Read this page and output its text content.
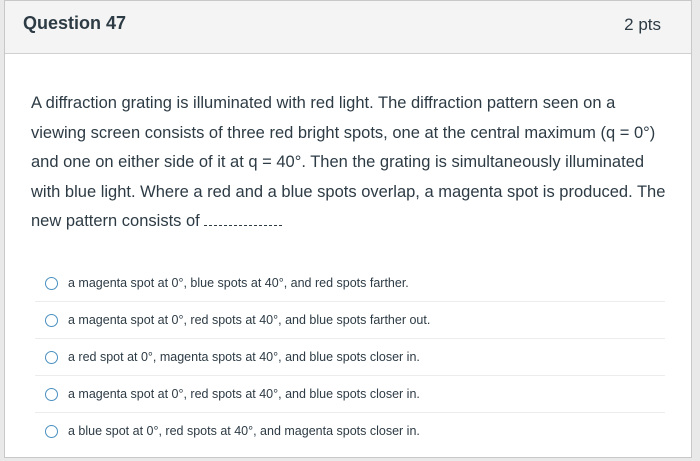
Question 47	2 pts
A diffraction grating is illuminated with red light. The diffraction pattern seen on a viewing screen consists of three red bright spots, one at the central maximum (q = 0°) and one on either side of it at q = 40°. Then the grating is simultaneously illuminated with blue light. Where a red and a blue spots overlap, a magenta spot is produced. The new pattern consists of
a magenta spot at 0°, blue spots at 40°, and red spots farther.
a magenta spot at 0°, red spots at 40°, and blue spots farther out.
a red spot at 0°, magenta spots at 40°, and blue spots closer in.
a magenta spot at 0°, red spots at 40°, and blue spots closer in.
a blue spot at 0°, red spots at 40°, and magenta spots closer in.
